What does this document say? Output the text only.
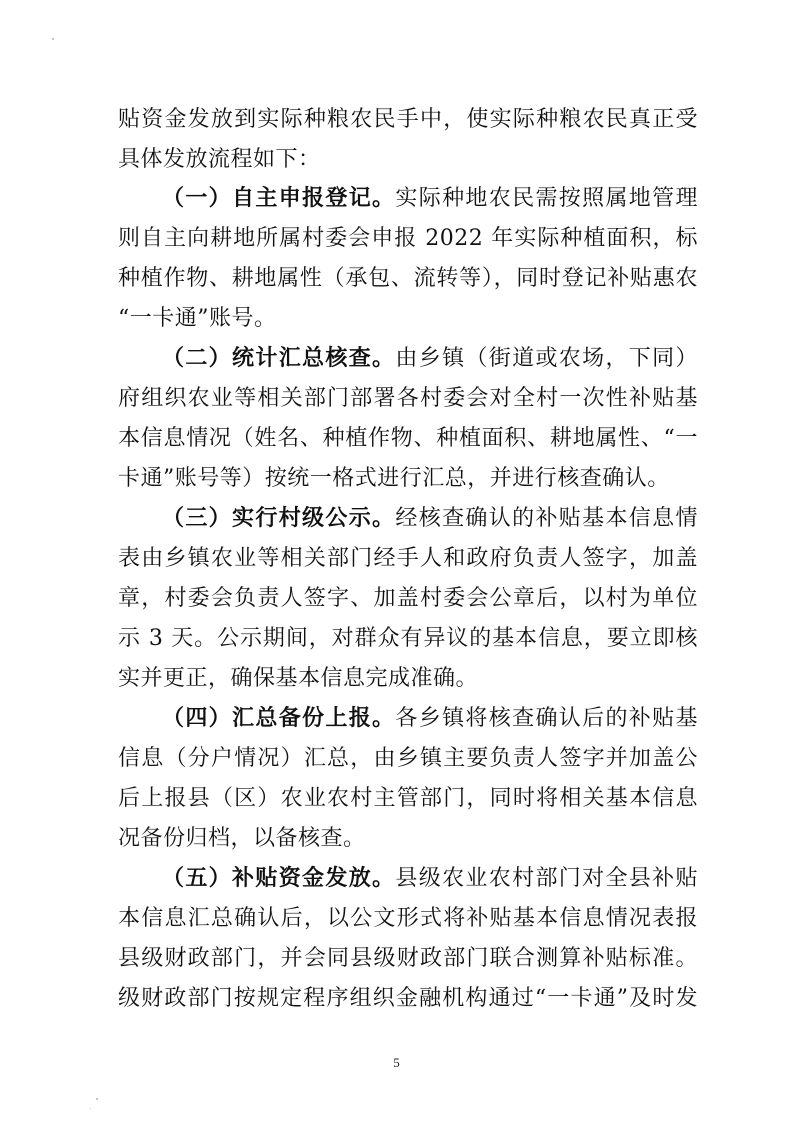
贴资金发放到实际种粮农民手中，使实际种粮农民真正受
具体发放流程如下：
（一）自主申报登记。实际种地农民需按照属地管理
则自主向耕地所属村委会申报 2022 年实际种植面积，标
种植作物、耕地属性（承包、流转等），同时登记补贴惠农
“一卡通”账号。
（二）统计汇总核查。由乡镇（街道或农场，下同）
府组织农业等相关部门部署各村委会对全村一次性补贴基
本信息情况（姓名、种植作物、种植面积、耕地属性、“一
卡通”账号等）按统一格式进行汇总，并进行核查确认。
（三）实行村级公示。经核查确认的补贴基本信息情
表由乡镇农业等相关部门经手人和政府负责人签字，加盖
章，村委会负责人签字、加盖村委会公章后，以村为单位
示 3 天。公示期间，对群众有异议的基本信息，要立即核
实并更正，确保基本信息完成准确。
（四）汇总备份上报。各乡镇将核查确认后的补贴基
信息（分户情况）汇总，由乡镇主要负责人签字并加盖公
后上报县（区）农业农村主管部门，同时将相关基本信息
况备份归档，以备核查。
（五）补贴资金发放。县级农业农村部门对全县补贴
本信息汇总确认后，以公文形式将补贴基本信息情况表报
县级财政部门，并会同县级财政部门联合测算补贴标准。
级财政部门按规定程序组织金融机构通过“一卡通”及时发
5
